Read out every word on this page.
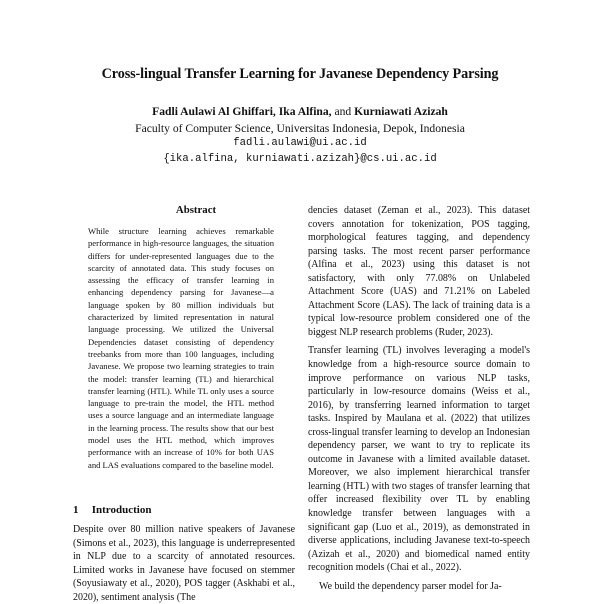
Cross-lingual Transfer Learning for Javanese Dependency Parsing
Fadli Aulawi Al Ghiffari, Ika Alfina, and Kurniawati Azizah
Faculty of Computer Science, Universitas Indonesia, Depok, Indonesia
fadli.aulawi@ui.ac.id
{ika.alfina, kurniawati.azizah}@cs.ui.ac.id
Abstract
While structure learning achieves remarkable performance in high-resource languages, the situation differs for under-represented languages due to the scarcity of annotated data. This study focuses on assessing the efficacy of transfer learning in enhancing dependency parsing for Javanese—a language spoken by 80 million individuals but characterized by limited representation in natural language processing. We utilized the Universal Dependencies dataset consisting of dependency treebanks from more than 100 languages, including Javanese. We propose two learning strategies to train the model: transfer learning (TL) and hierarchical transfer learning (HTL). While TL only uses a source language to pre-train the model, the HTL method uses a source language and an intermediate language in the learning process. The results show that our best model uses the HTL method, which improves performance with an increase of 10% for both UAS and LAS evaluations compared to the baseline model.
1 Introduction

Despite over 80 million native speakers of Javanese (Simons et al., 2023), this language is underrepresented in NLP due to a scarcity of annotated resources. Limited works in Javanese have focused on stemmer (Soyusiawaty et al., 2020), POS tagger (Askhabi et al., 2020), sentiment analysis (The

dencies dataset (Zeman et al., 2023). This dataset covers annotation for tokenization, POS tagging, morphological features tagging, and dependency parsing tasks. The most recent parser performance (Alfina et al., 2023) using this dataset is not satisfactory, with only 77.08% on Unlabeled Attachment Score (UAS) and 71.21% on Labeled Attachment Score (LAS). The lack of training data is a typical low-resource problem considered one of the biggest NLP research problems (Ruder, 2023).

Transfer learning (TL) involves leveraging a model's knowledge from a high-resource source domain to improve performance on various NLP tasks, particularly in low-resource domains (Weiss et al., 2016), by transferring learned information to target tasks. Inspired by Maulana et al. (2022) that utilizes cross-lingual transfer learning to develop an Indonesian dependency parser, we want to try to replicate its outcome in Javanese with a limited available dataset. Moreover, we also implement hierarchical transfer learning (HTL) with two stages of transfer learning that offer increased flexibility over TL by enabling knowledge transfer between languages with a significant gap (Luo et al., 2019), as demonstrated in diverse applications, including Javanese text-to-speech (Azizah et al., 2020) and biomedical named entity recognition models (Chai et al., 2022).

We build the dependency parser model for Ja-
